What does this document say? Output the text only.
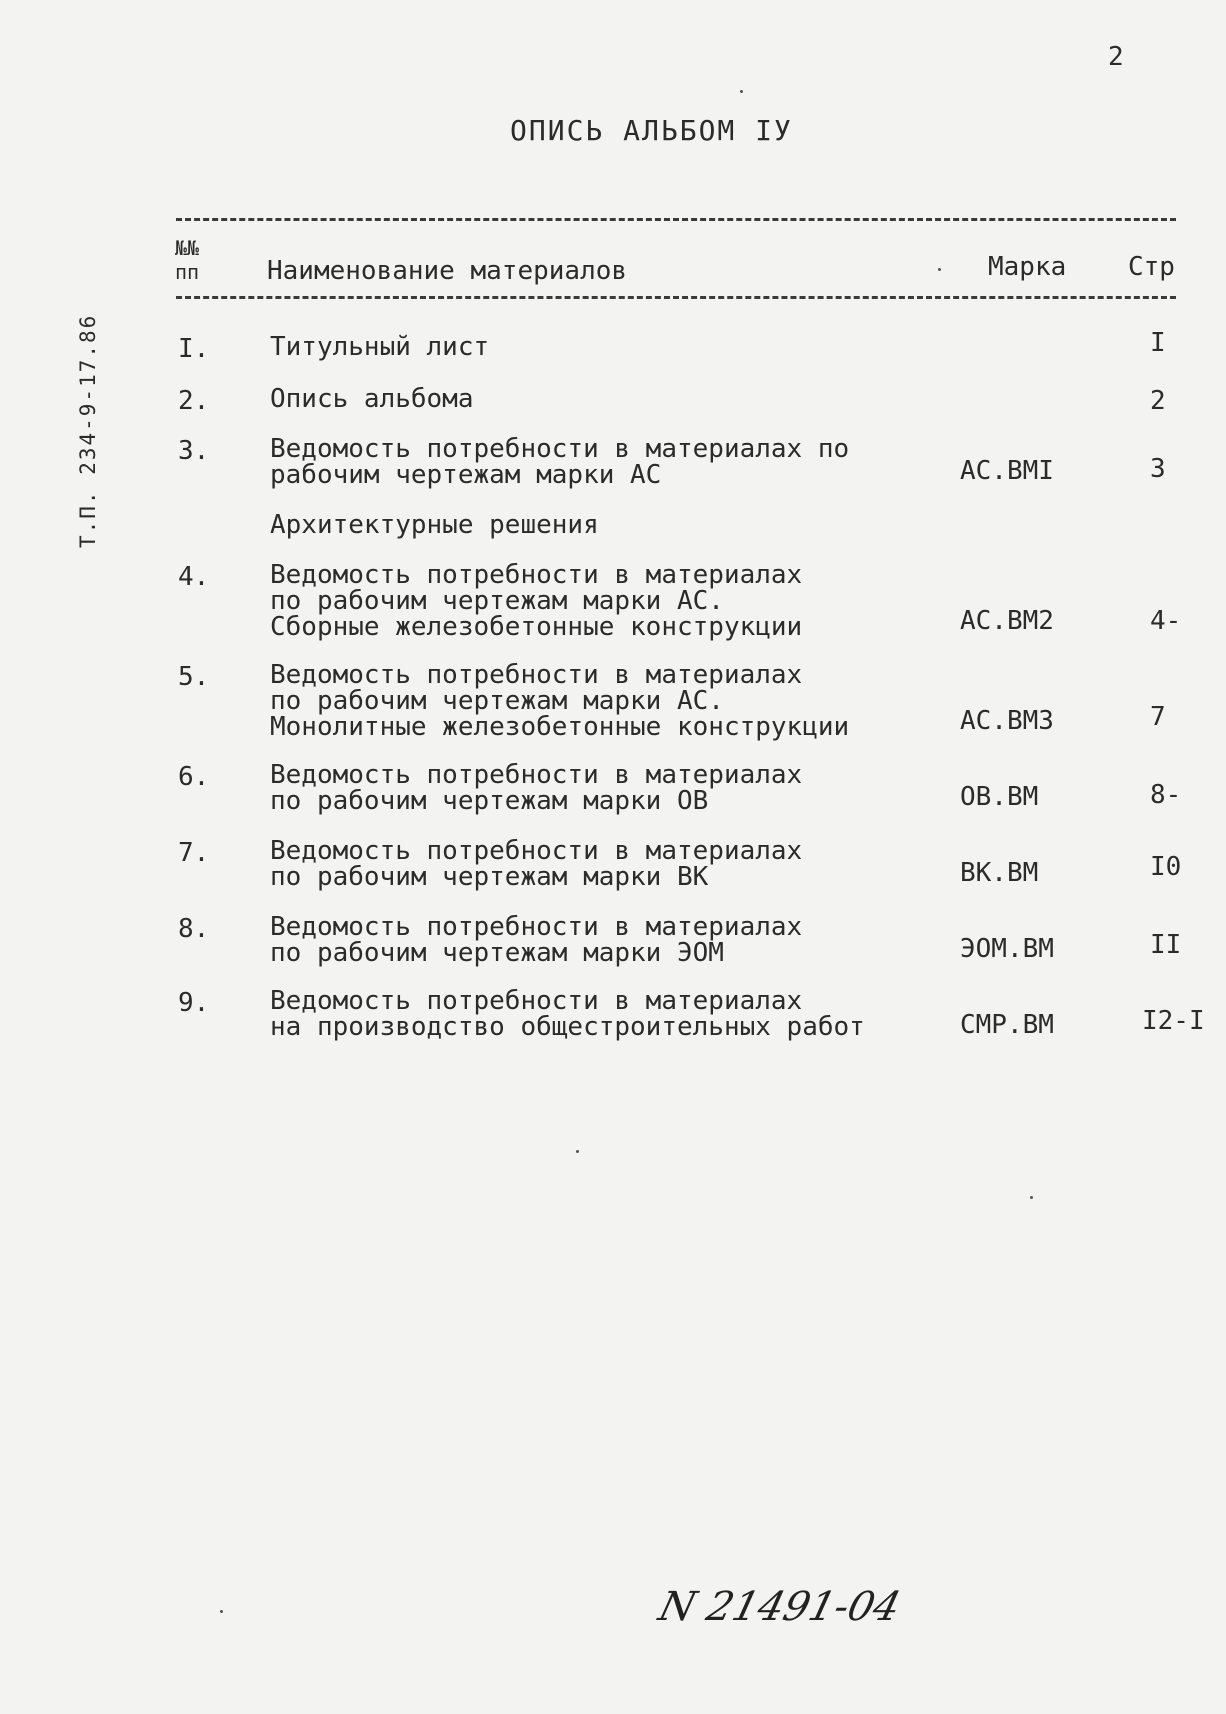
2
ОПИСЬ АЛЬБОМ IУ
Т.П. 234-9-17.86
№№
пп	Наименование материалов	Марка Стр
I. Титульный лист	I
2. Опись альбома	2
3. Ведомость потребности в материалах по
рабочим чертежам марки АС	АС.ВМI	3
Архитектурные решения
4. Ведомость потребности в материалах
по рабочим чертежам марки АС.
Сборные железобетонные конструкции	АС.ВМ2	4-
5. Ведомость потребности в материалах
по рабочим чертежам марки АС.
Монолитные железобетонные конструкции	АС.ВМ3	7
6. Ведомость потребности в материалах
по рабочим чертежам марки ОВ	ОВ.ВМ	8-
7. Ведомость потребности в материалах
по рабочим чертежам марки ВК	ВК.ВМ	I0
8. Ведомость потребности в материалах
по рабочим чертежам марки ЭОМ	ЭОМ.ВМ	II
9. Ведомость потребности в материалах
на производство общестроительных работ	СМР.ВМ	I2-I
N 21491-04
